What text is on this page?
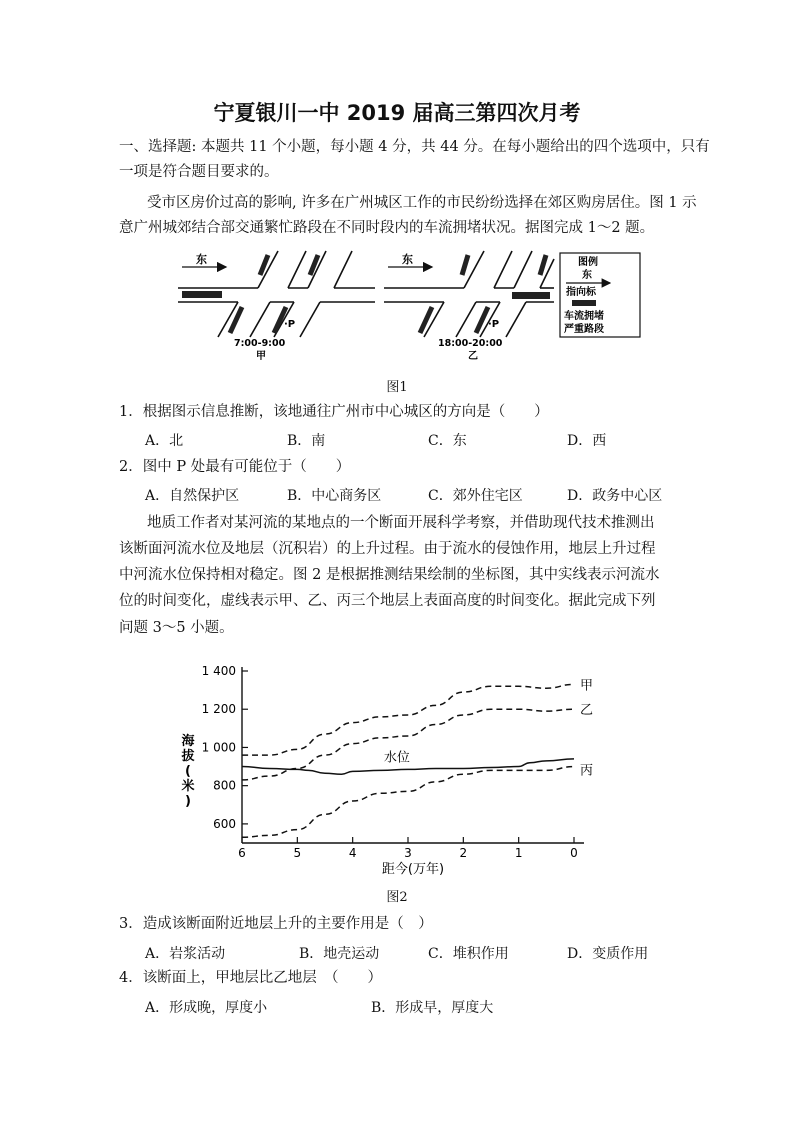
宁夏银川一中 2019 届高三第四次月考
一、选择题: 本题共 11 个小题，每小题 4 分，共 44 分。在每小题给出的四个选项中，只有
一项是符合题目要求的。
受市区房价过高的影响, 许多在广州城区工作的市民纷纷选择在郊区购房居住。图 1 示
意广州城郊结合部交通繁忙路段在不同时段内的车流拥堵状况。据图完成 1～2 题。
东
·P
7:00-9:00
甲
东
·P
18:00-20:00
乙
图例
东
指向标
车流拥堵
严重路段
图1
1．根据图示信息推断，该地通往广州市中心城区的方向是（　　）
A．北	B．南	C．东	D．西
2．图中 P 处最有可能位于（　　）
A．自然保护区	B．中心商务区	C．郊外住宅区	D．政务中心区
地质工作者对某河流的某地点的一个断面开展科学考察，并借助现代技术推测出
该断面河流水位及地层（沉积岩）的上升过程。由于流水的侵蚀作用，地层上升过程
中河流水位保持相对稳定。图 2 是根据推测结果绘制的坐标图，其中实线表示河流水
位的时间变化，虚线表示甲、乙、丙三个地层上表面高度的时间变化。据此完成下列
问题 3～5 小题。
1 400
1 200
1 000
800
600
6	5	4	3	2	1	0
海拔(米)
距今(万年)
甲
乙
丙
水位
图2
3．造成该断面附近地层上升的主要作用是（　）
A．岩浆活动	B．地壳运动	C．堆积作用	D．变质作用
4．该断面上，甲地层比乙地层　（　　）
A．形成晚，厚度小	B．形成早，厚度大
